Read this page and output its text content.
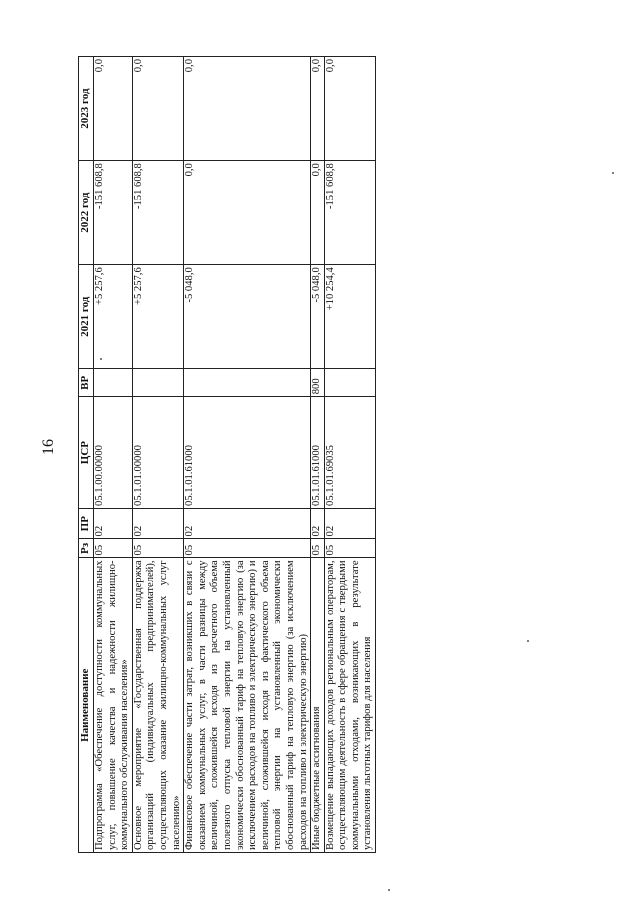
16
Наименование	Рз	ПР	ЦСР	ВР	2021 год	2022 год	2023 год
Подпрограмма «Обеспечение доступности коммунальных услуг, повышение качества и надежности жилищно-коммунального обслуживания населения»	05	02	05.1.00.00000		+5 257,6	-151 608,8	0,0
Основное мероприятие «Государственная поддержка организаций (индивидуальных предпринимателей), осуществляющих оказание жилищно-коммунальных услуг населению»	05	02	05.1.01.00000		+5 257,6	-151 608,8	0,0
Финансовое обеспечение части затрат, возникших в связи с оказанием коммунальных услуг, в части разницы между величиной, сложившейся исходя из расчетного объема полезного отпуска тепловой энергии на установленный экономически обоснованный тариф на тепловую энергию (за исключением расходов на топливо и электрическую энергию) и величиной, сложившейся исходя из фактического объема тепловой энергии на установленный экономически обоснованный тариф на тепловую энергию (за исключением расходов на топливо и электрическую энергию)	05	02	05.1.01.61000		-5 048,0	0,0	0,0
Иные бюджетные ассигнования	05	02	05.1.01.61000	800	-5 048,0	0,0	0,0
Возмещение выпадающих доходов региональным операторам, осуществляющим деятельность в сфере обращения с твердыми коммунальными отходами, возникающих в результате установления льготных тарифов для населения	05	02	05.1.01.69035		+10 254,4	-151 608,8	0,0
